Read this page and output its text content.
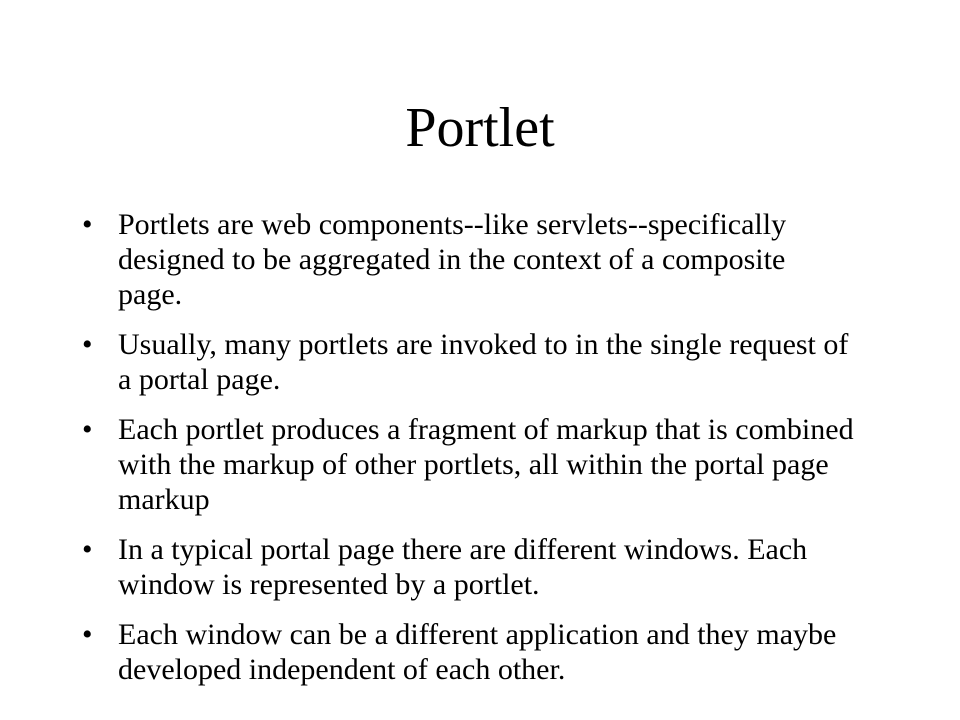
Portlet
• Portlets are web components--like servlets--specifically designed to be aggregated in the context of a composite page.
• Usually, many portlets are invoked to in the single request of a portal page.
• Each portlet produces a fragment of markup that is combined with the markup of other portlets, all within the portal page markup
• In a typical portal page there are different windows. Each window is represented by a portlet.
• Each window can be a different application and they maybe developed independent of each other.
